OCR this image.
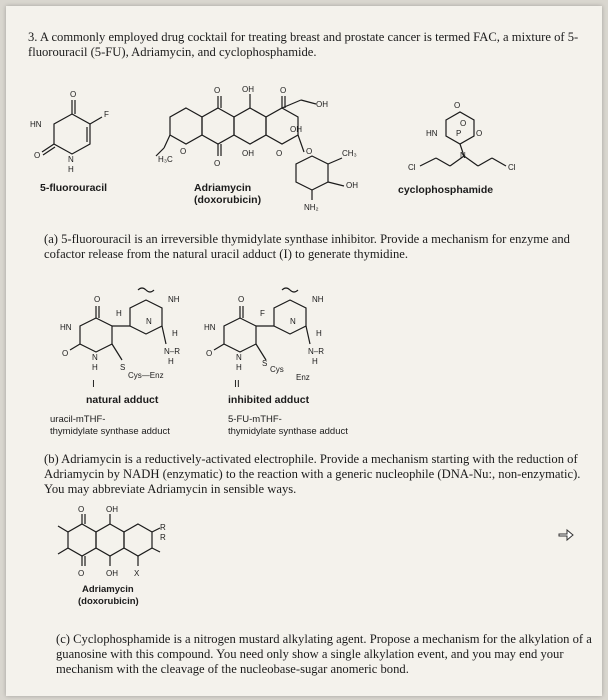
3. A commonly employed drug cocktail for treating breast and prostate cancer is termed FAC, a mixture of 5-fluorouracil (5-FU), Adriamycin, and cyclophosphamide.

O
F
HN
O	N
H

5-fluorouracil

O	OH	O
OH
OH
H₃C
O
O
OH	O	O	CH₃
OH
NH₂

Adriamycin

(doxorubicin)

O
HN P
O
O
N
Cl	Cl

cyclophosphamide

(a) 5-fluorouracil is an irreversible thymidylate synthase inhibitor. Provide a mechanism for enzyme and cofactor release from the natural uracil adduct (I) to generate thymidine.

O
H
NH
HN
N
H
N–R
H
O	N
H	S
Cys—Enz

I

natural adduct

uracil-mTHF-

thymidylate synthase adduct

O
F
NH
HN
N
H
N–R
H
O	N
H	S
Cys
Enz

II

inhibited adduct

5-FU-mTHF-

thymidylate synthase adduct

(b) Adriamycin is a reductively-activated electrophile. Provide a mechanism starting with the reduction of Adriamycin by NADH (enzymatic) to the reaction with a generic nucleophile (DNA-Nu:, non-enzymatic). You may abbreviate Adriamycin in sensible ways.

O	OH
R
R
O	OH X

Adriamycin

(doxorubicin)

(c) Cyclophosphamide is a nitrogen mustard alkylating agent. Propose a mechanism for the alkylation of a guanosine with this compound. You need only show a single alkylation event, and you may end your mechanism with the cleavage of the nucleobase-sugar anomeric bond.
